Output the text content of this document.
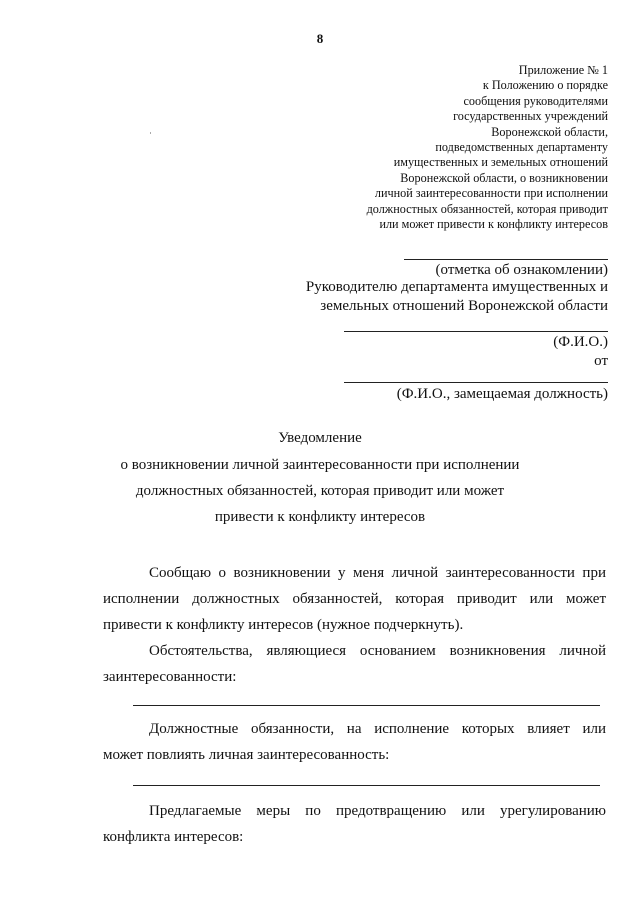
8
Приложение № 1
к Положению о порядке
сообщения руководителями
государственных учреждений
Воронежской области,
подведомственных департаменту
имущественных и земельных отношений
Воронежской области, о возникновении
личной заинтересованности при исполнении
должностных обязанностей, которая приводит
или может привести к конфликту интересов
(отметка об ознакомлении)
Руководителю департамента имущественных и
земельных отношений Воронежской области
(Ф.И.О.)
от
(Ф.И.О., замещаемая должность)
Уведомление
о возникновении личной заинтересованности при исполнении
должностных обязанностей, которая приводит или может
привести к конфликту интересов

Сообщаю о возникновении у меня личной заинтересованности при

исполнении должностных обязанностей, которая приводит или может

привести к конфликту интересов (нужное подчеркнуть).

Обстоятельства, являющиеся основанием возникновения личной

заинтересованности:

Должностные обязанности, на исполнение которых влияет или

может повлиять личная заинтересованность:

Предлагаемые меры по предотвращению или урегулированию

конфликта интересов:
